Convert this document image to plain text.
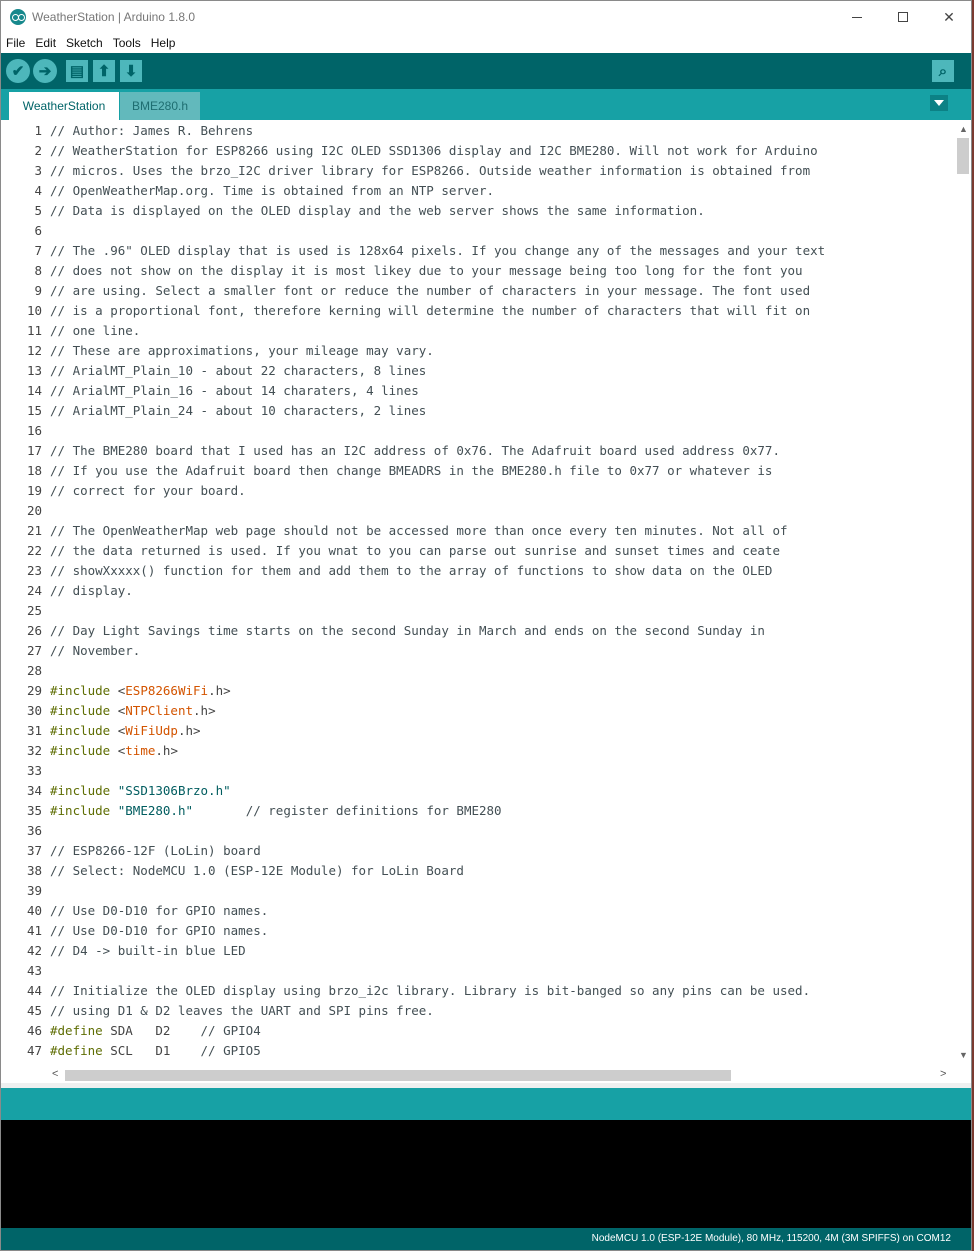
WeatherStation | Arduino 1.8.0	✕
File Edit Sketch Tools Help
✔ ➔ ▤ ⬆ ⬇	⌕
WeatherStation	BME280.h
1
2
3
4
5
6
7
8
9
10
11
12
13
14
15
16
17
18
19
20
21
22
23
24
25
26
27
28
29
30
31
32
33
34
35
36
37
38
39
40
41
42
43
44
45
46
47
// Author: James R. Behrens
// WeatherStation for ESP8266 using I2C OLED SSD1306 display and I2C BME280. Will not work for Arduino
// micros. Uses the brzo_I2C driver library for ESP8266. Outside weather information is obtained from
// OpenWeatherMap.org. Time is obtained from an NTP server.
// Data is displayed on the OLED display and the web server shows the same information.
// The .96" OLED display that is used is 128x64 pixels. If you change any of the messages and your text
// does not show on the display it is most likey due to your message being too long for the font you
// are using. Select a smaller font or reduce the number of characters in your message. The font used
// is a proportional font, therefore kerning will determine the number of characters that will fit on
// one line.
// These are approximations, your mileage may vary.
// ArialMT_Plain_10 - about 22 characters, 8 lines
// ArialMT_Plain_16 - about 14 charaters, 4 lines
// ArialMT_Plain_24 - about 10 characters, 2 lines
// The BME280 board that I used has an I2C address of 0x76. The Adafruit board used address 0x77.
// If you use the Adafruit board then change BMEADRS in the BME280.h file to 0x77 or whatever is
// correct for your board.
// The OpenWeatherMap web page should not be accessed more than once every ten minutes. Not all of
// the data returned is used. If you wnat to you can parse out sunrise and sunset times and ceate
// showXxxxx() function for them and add them to the array of functions to show data on the OLED
// display.
// Day Light Savings time starts on the second Sunday in March and ends on the second Sunday in
// November.
#include <ESP8266WiFi.h>
#include <NTPClient.h>
#include <WiFiUdp.h>
#include <time.h>
#include "SSD1306Brzo.h"
#include "BME280.h"	// register definitions for BME280
// ESP8266-12F (LoLin) board
// Select: NodeMCU 1.0 (ESP-12E Module) for LoLin Board
// Use D0-D10 for GPIO names.
// Use D0-D10 for GPIO names.
// D4 -> built-in blue LED
// Initialize the OLED display using brzo_i2c library. Library is bit-banged so any pins can be used.
// using D1 & D2 leaves the UART and SPI pins free.
#define SDA   D2    // GPIO4
#define SCL   D1    // GPIO5
▲
▼
<	>
NodeMCU 1.0 (ESP-12E Module), 80 MHz, 115200, 4M (3M SPIFFS) on COM12
